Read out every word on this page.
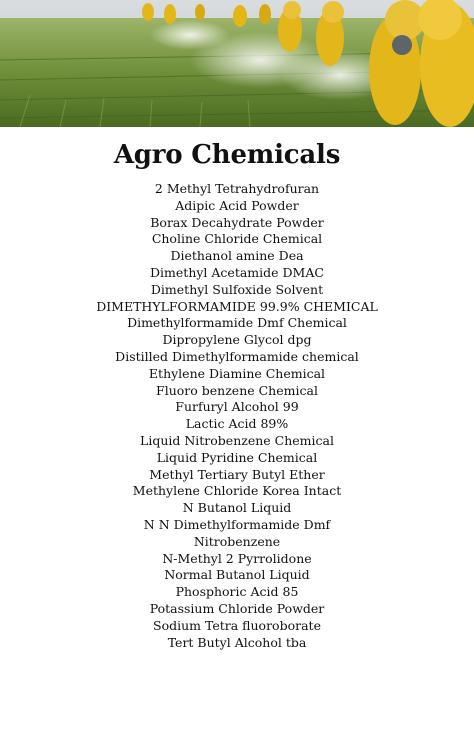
Agro Chemicals
2 Methyl Tetrahydrofuran
Adipic Acid Powder
Borax Decahydrate Powder
Choline Chloride Chemical
Diethanol amine Dea
Dimethyl Acetamide DMAC
Dimethyl Sulfoxide Solvent
DIMETHYLFORMAMIDE 99.9% CHEMICAL
Dimethylformamide Dmf Chemical
Dipropylene Glycol dpg
Distilled Dimethylformamide chemical
Ethylene Diamine Chemical
Fluoro benzene Chemical
Furfuryl Alcohol 99
Lactic Acid 89%
Liquid Nitrobenzene Chemical
Liquid Pyridine Chemical
Methyl Tertiary Butyl Ether
Methylene Chloride Korea Intact
N Butanol Liquid
N N Dimethylformamide Dmf
Nitrobenzene
N-Methyl 2 Pyrrolidone
Normal Butanol Liquid
Phosphoric Acid 85
Potassium Chloride Powder
Sodium Tetra fluoroborate
Tert Butyl Alcohol tba
